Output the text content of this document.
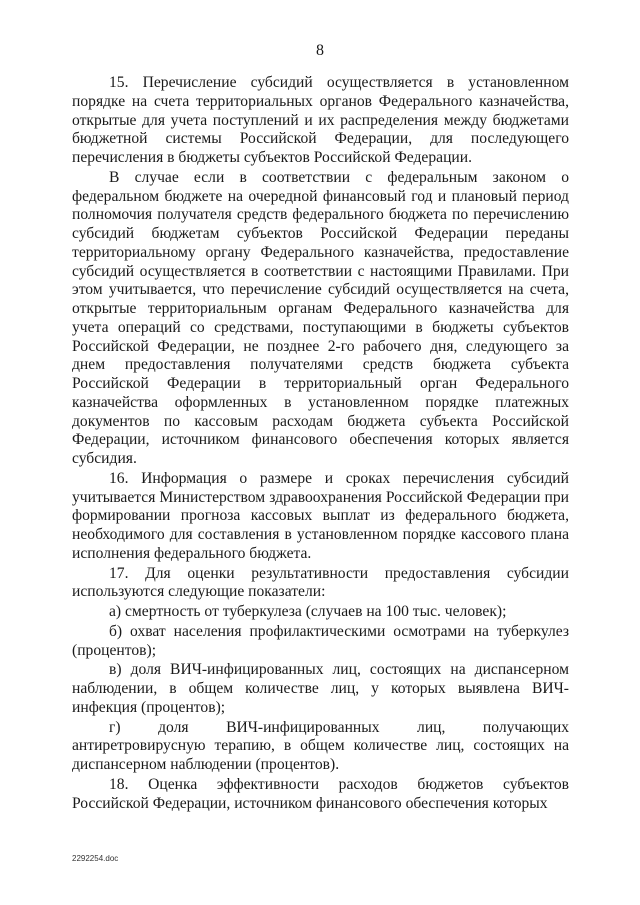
8

15. Перечисление субсидий осуществляется в установленном порядке на счета территориальных органов Федерального казначейства, открытые для учета поступлений и их распределения между бюджетами бюджетной системы Российской Федерации, для последующего перечисления в бюджеты субъектов Российской Федерации.

В случае если в соответствии с федеральным законом о федеральном бюджете на очередной финансовый год и плановый период полномочия получателя средств федерального бюджета по перечислению субсидий бюджетам субъектов Российской Федерации переданы территориальному органу Федерального казначейства, предоставление субсидий осуществляется в соответствии с настоящими Правилами. При этом учитывается, что перечисление субсидий осуществляется на счета, открытые территориальным органам Федерального казначейства для учета операций со средствами, поступающими в бюджеты субъектов Российской Федерации, не позднее 2-го рабочего дня, следующего за днем предоставления получателями средств бюджета субъекта Российской Федерации в территориальный орган Федерального казначейства оформленных в установленном порядке платежных документов по кассовым расходам бюджета субъекта Российской Федерации, источником финансового обеспечения которых является субсидия.

16. Информация о размере и сроках перечисления субсидий учитывается Министерством здравоохранения Российской Федерации при формировании прогноза кассовых выплат из федерального бюджета, необходимого для составления в установленном порядке кассового плана исполнения федерального бюджета.

17. Для оценки результативности предоставления субсидии используются следующие показатели:

а) смертность от туберкулеза (случаев на 100 тыс. человек);

б) охват населения профилактическими осмотрами на туберкулез (процентов);

в) доля ВИЧ-инфицированных лиц, состоящих на диспансерном наблюдении, в общем количестве лиц, у которых выявлена ВИЧ-инфекция (процентов);

г) доля ВИЧ-инфицированных лиц, получающих антиретровирусную терапию, в общем количестве лиц, состоящих на диспансерном наблюдении (процентов).

18. Оценка эффективности расходов бюджетов субъектов Российской Федерации, источником финансового обеспечения которых

2292254.doc
